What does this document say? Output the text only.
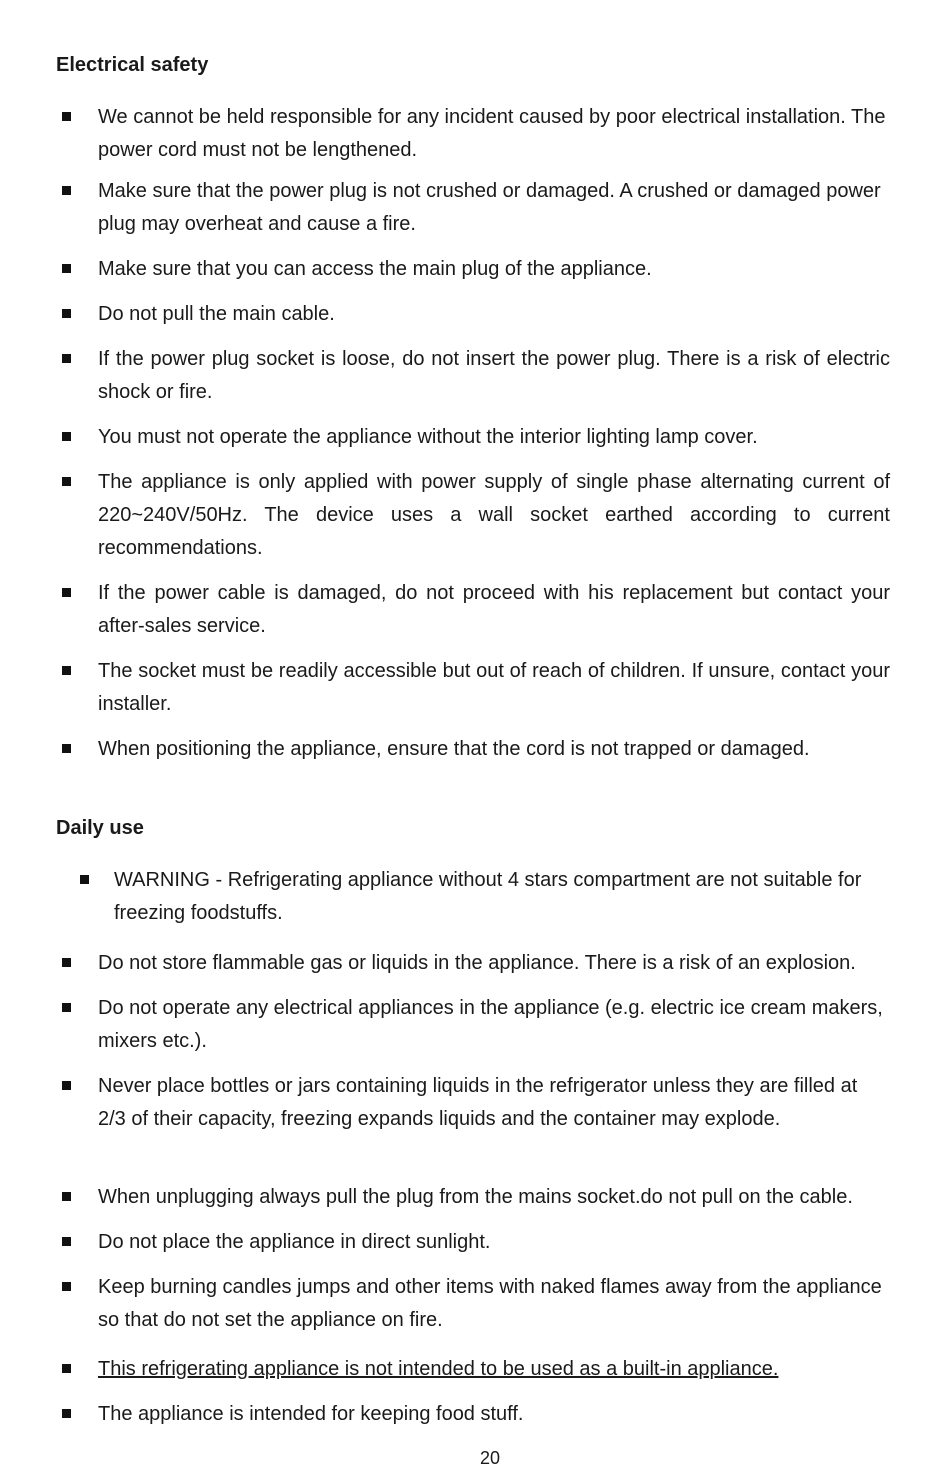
Electrical safety

We cannot be held responsible for any incident caused by poor electrical installation. The power cord must not be lengthened.

Make sure that the power plug is not crushed or damaged. A crushed or damaged power plug may overheat and cause a fire.

Make sure that you can access the main plug of the appliance.

Do not pull the main cable.

If the power plug socket is loose, do not insert the power plug. There is a risk of electric shock or fire.

You must not operate the appliance without the interior lighting lamp cover.

The appliance is only applied with power supply of single phase alternating current of 220~240V/50Hz. The device uses a wall socket earthed according to current recommendations.

If the power cable is damaged, do not proceed with his replacement but contact your after-sales service.

The socket must be readily accessible but out of reach of children. If unsure, contact your installer.

When positioning the appliance, ensure that the cord is not trapped or damaged.

Daily use

WARNING - Refrigerating appliance without 4 stars compartment are not suitable for freezing foodstuffs.

Do not store flammable gas or liquids in the appliance. There is a risk of an explosion.

Do not operate any electrical appliances in the appliance (e.g. electric ice cream makers, mixers etc.).

Never place bottles or jars containing liquids in the refrigerator unless they are filled at 2/3 of their capacity, freezing expands liquids and the container may explode.

When unplugging always pull the plug from the mains socket.do not pull on the cable.

Do not place the appliance in direct sunlight.

Keep burning candles jumps and other items with naked flames away from the appliance so that do not set the appliance on fire.

This refrigerating appliance is not intended to be used as a built-in appliance.

The appliance is intended for keeping food stuff.

20
